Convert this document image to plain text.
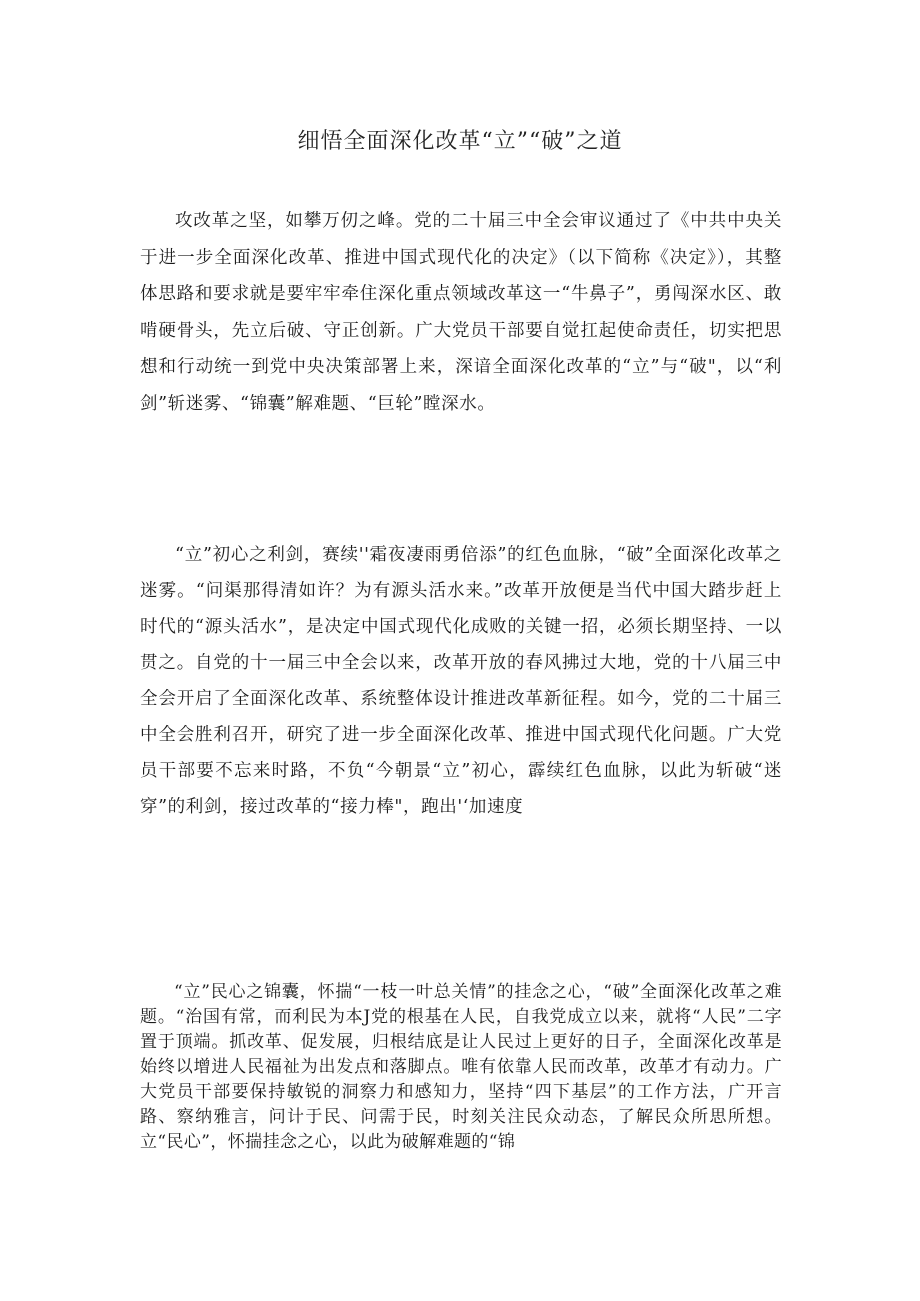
细悟全面深化改革“立”“破”之道

攻改革之坚，如攀万仞之峰。党的二十届三中全会审议通过了《中共中央关于进一步全面深化改革、推进中国式现代化的决定》（以下简称《决定》），其整体思路和要求就是要牢牢牵住深化重点领域改革这一“牛鼻子”，勇闯深水区、敢啃硬骨头，先立后破、守正创新。广大党员干部要自觉扛起使命责任，切实把思想和行动统一到党中央决策部署上来，深谙全面深化改革的“立”与“破"，以“利剑”斩迷雾、“锦囊”解难题、“巨轮”瞠深水。

“立”初心之利剑，赛续''霜夜凄雨勇倍添”的红色血脉，“破”全面深化改革之迷雾。“问渠那得清如许？为有源头活水来。”改革开放便是当代中国大踏步赶上时代的“源头活水”，是决定中国式现代化成败的关键一招，必须长期坚持、一以贯之。自党的十一届三中全会以来，改革开放的春风拂过大地，党的十八届三中全会开启了全面深化改革、系统整体设计推进改革新征程。如今，党的二十届三中全会胜利召开，研究了进一步全面深化改革、推进中国式现代化问题。广大党员干部要不忘来时路，不负“今朝景“立”初心，霹续红色血脉，以此为斩破“迷穿”的利剑，接过改革的“接力棒"，跑出'‘加速度

“立”民心之锦囊，怀揣“一枝一叶总关情”的挂念之心，“破”全面深化改革之难题。“治国有常，而利民为本J党的根基在人民，自我党成立以来，就将“人民”二字置于顶端。抓改革、促发展，归根结底是让人民过上更好的日子，全面深化改革是始终以增进人民福祉为出发点和落脚点。唯有依靠人民而改革，改革才有动力。广大党员干部要保持敏锐的洞察力和感知力，坚持“四下基层”的工作方法，广开言路、察纳雅言，问计于民、问需于民，时刻关注民众动态，了解民众所思所想。立“民心”，怀揣挂念之心，以此为破解难题的“锦
